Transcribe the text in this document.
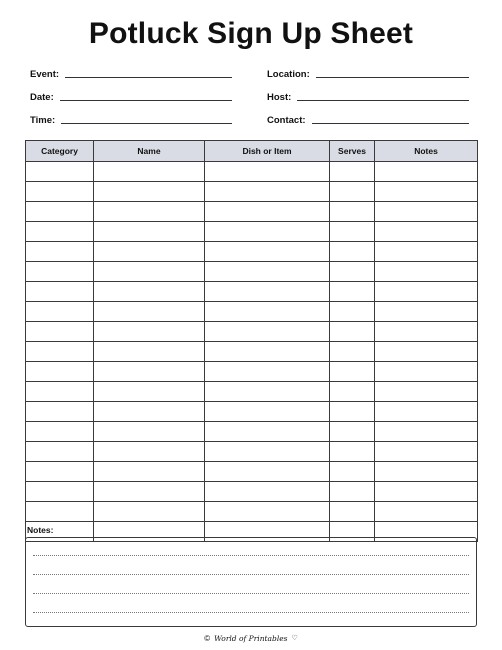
Potluck Sign Up Sheet
Event:	Location:
Date:	Host:
Time:	Contact:
Category	Name	Dish or Item	Serves	Notes

Notes:
© World of Printables ♡
